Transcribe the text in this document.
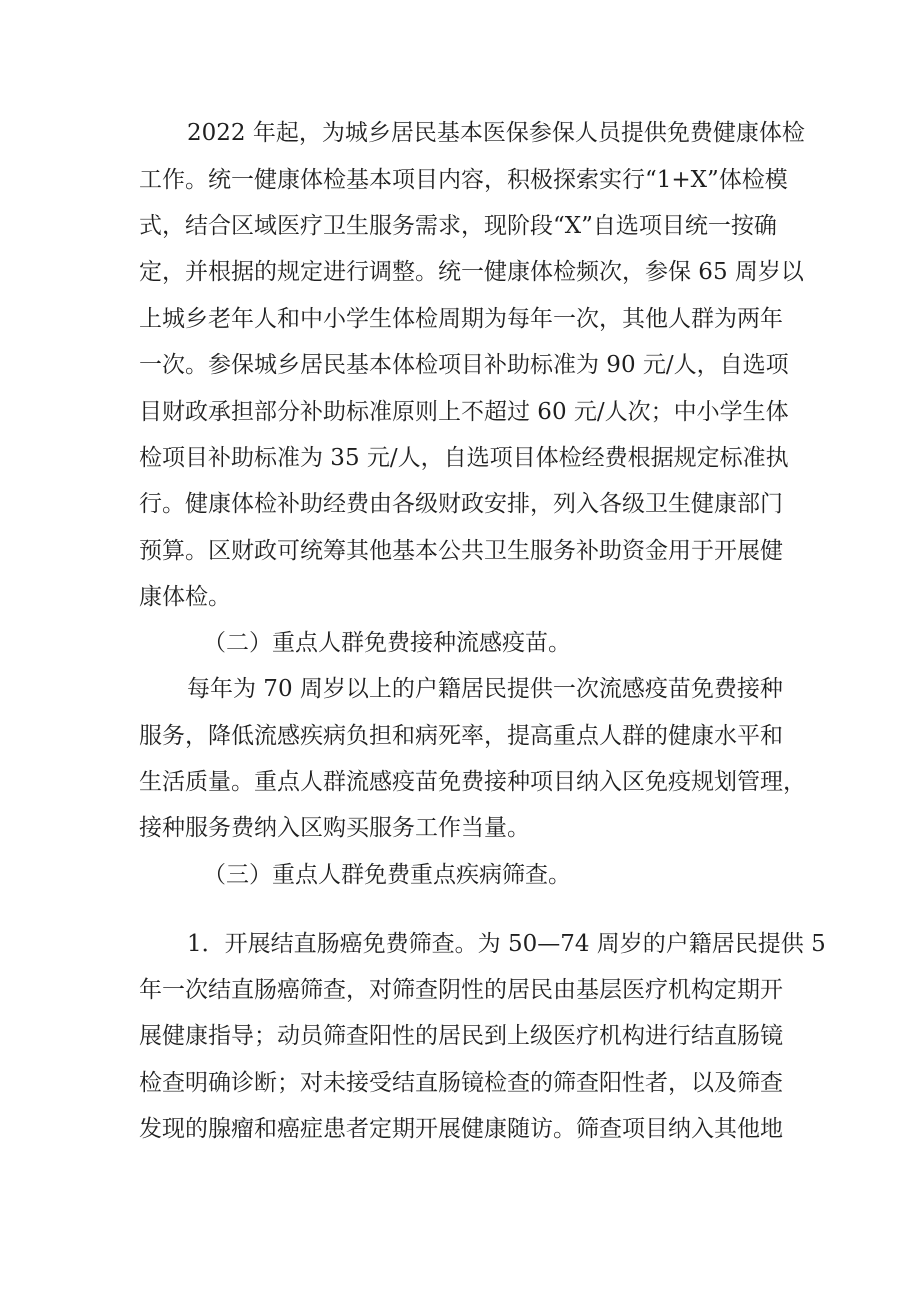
2022 年起，为城乡居民基本医保参保人员提供免费健康体检
工作。统一健康体检基本项目内容，积极探索实行“1+X”体检模
式，结合区域医疗卫生服务需求，现阶段“X”自选项目统一按确
定，并根据的规定进行调整。统一健康体检频次，参保 65 周岁以
上城乡老年人和中小学生体检周期为每年一次，其他人群为两年
一次。参保城乡居民基本体检项目补助标准为 90 元/人，自选项
目财政承担部分补助标准原则上不超过 60 元/人次；中小学生体
检项目补助标准为 35 元/人，自选项目体检经费根据规定标准执
行。健康体检补助经费由各级财政安排，列入各级卫生健康部门
预算。区财政可统筹其他基本公共卫生服务补助资金用于开展健
康体检。
（二）重点人群免费接种流感疫苗。
每年为 70 周岁以上的户籍居民提供一次流感疫苗免费接种
服务，降低流感疾病负担和病死率，提高重点人群的健康水平和
生活质量。重点人群流感疫苗免费接种项目纳入区免疫规划管理，
接种服务费纳入区购买服务工作当量。
（三）重点人群免费重点疾病筛查。
1．开展结直肠癌免费筛查。为 50—74 周岁的户籍居民提供 5
年一次结直肠癌筛查，对筛查阴性的居民由基层医疗机构定期开
展健康指导；动员筛查阳性的居民到上级医疗机构进行结直肠镜
检查明确诊断；对未接受结直肠镜检查的筛查阳性者，以及筛查
发现的腺瘤和癌症患者定期开展健康随访。筛查项目纳入其他地
